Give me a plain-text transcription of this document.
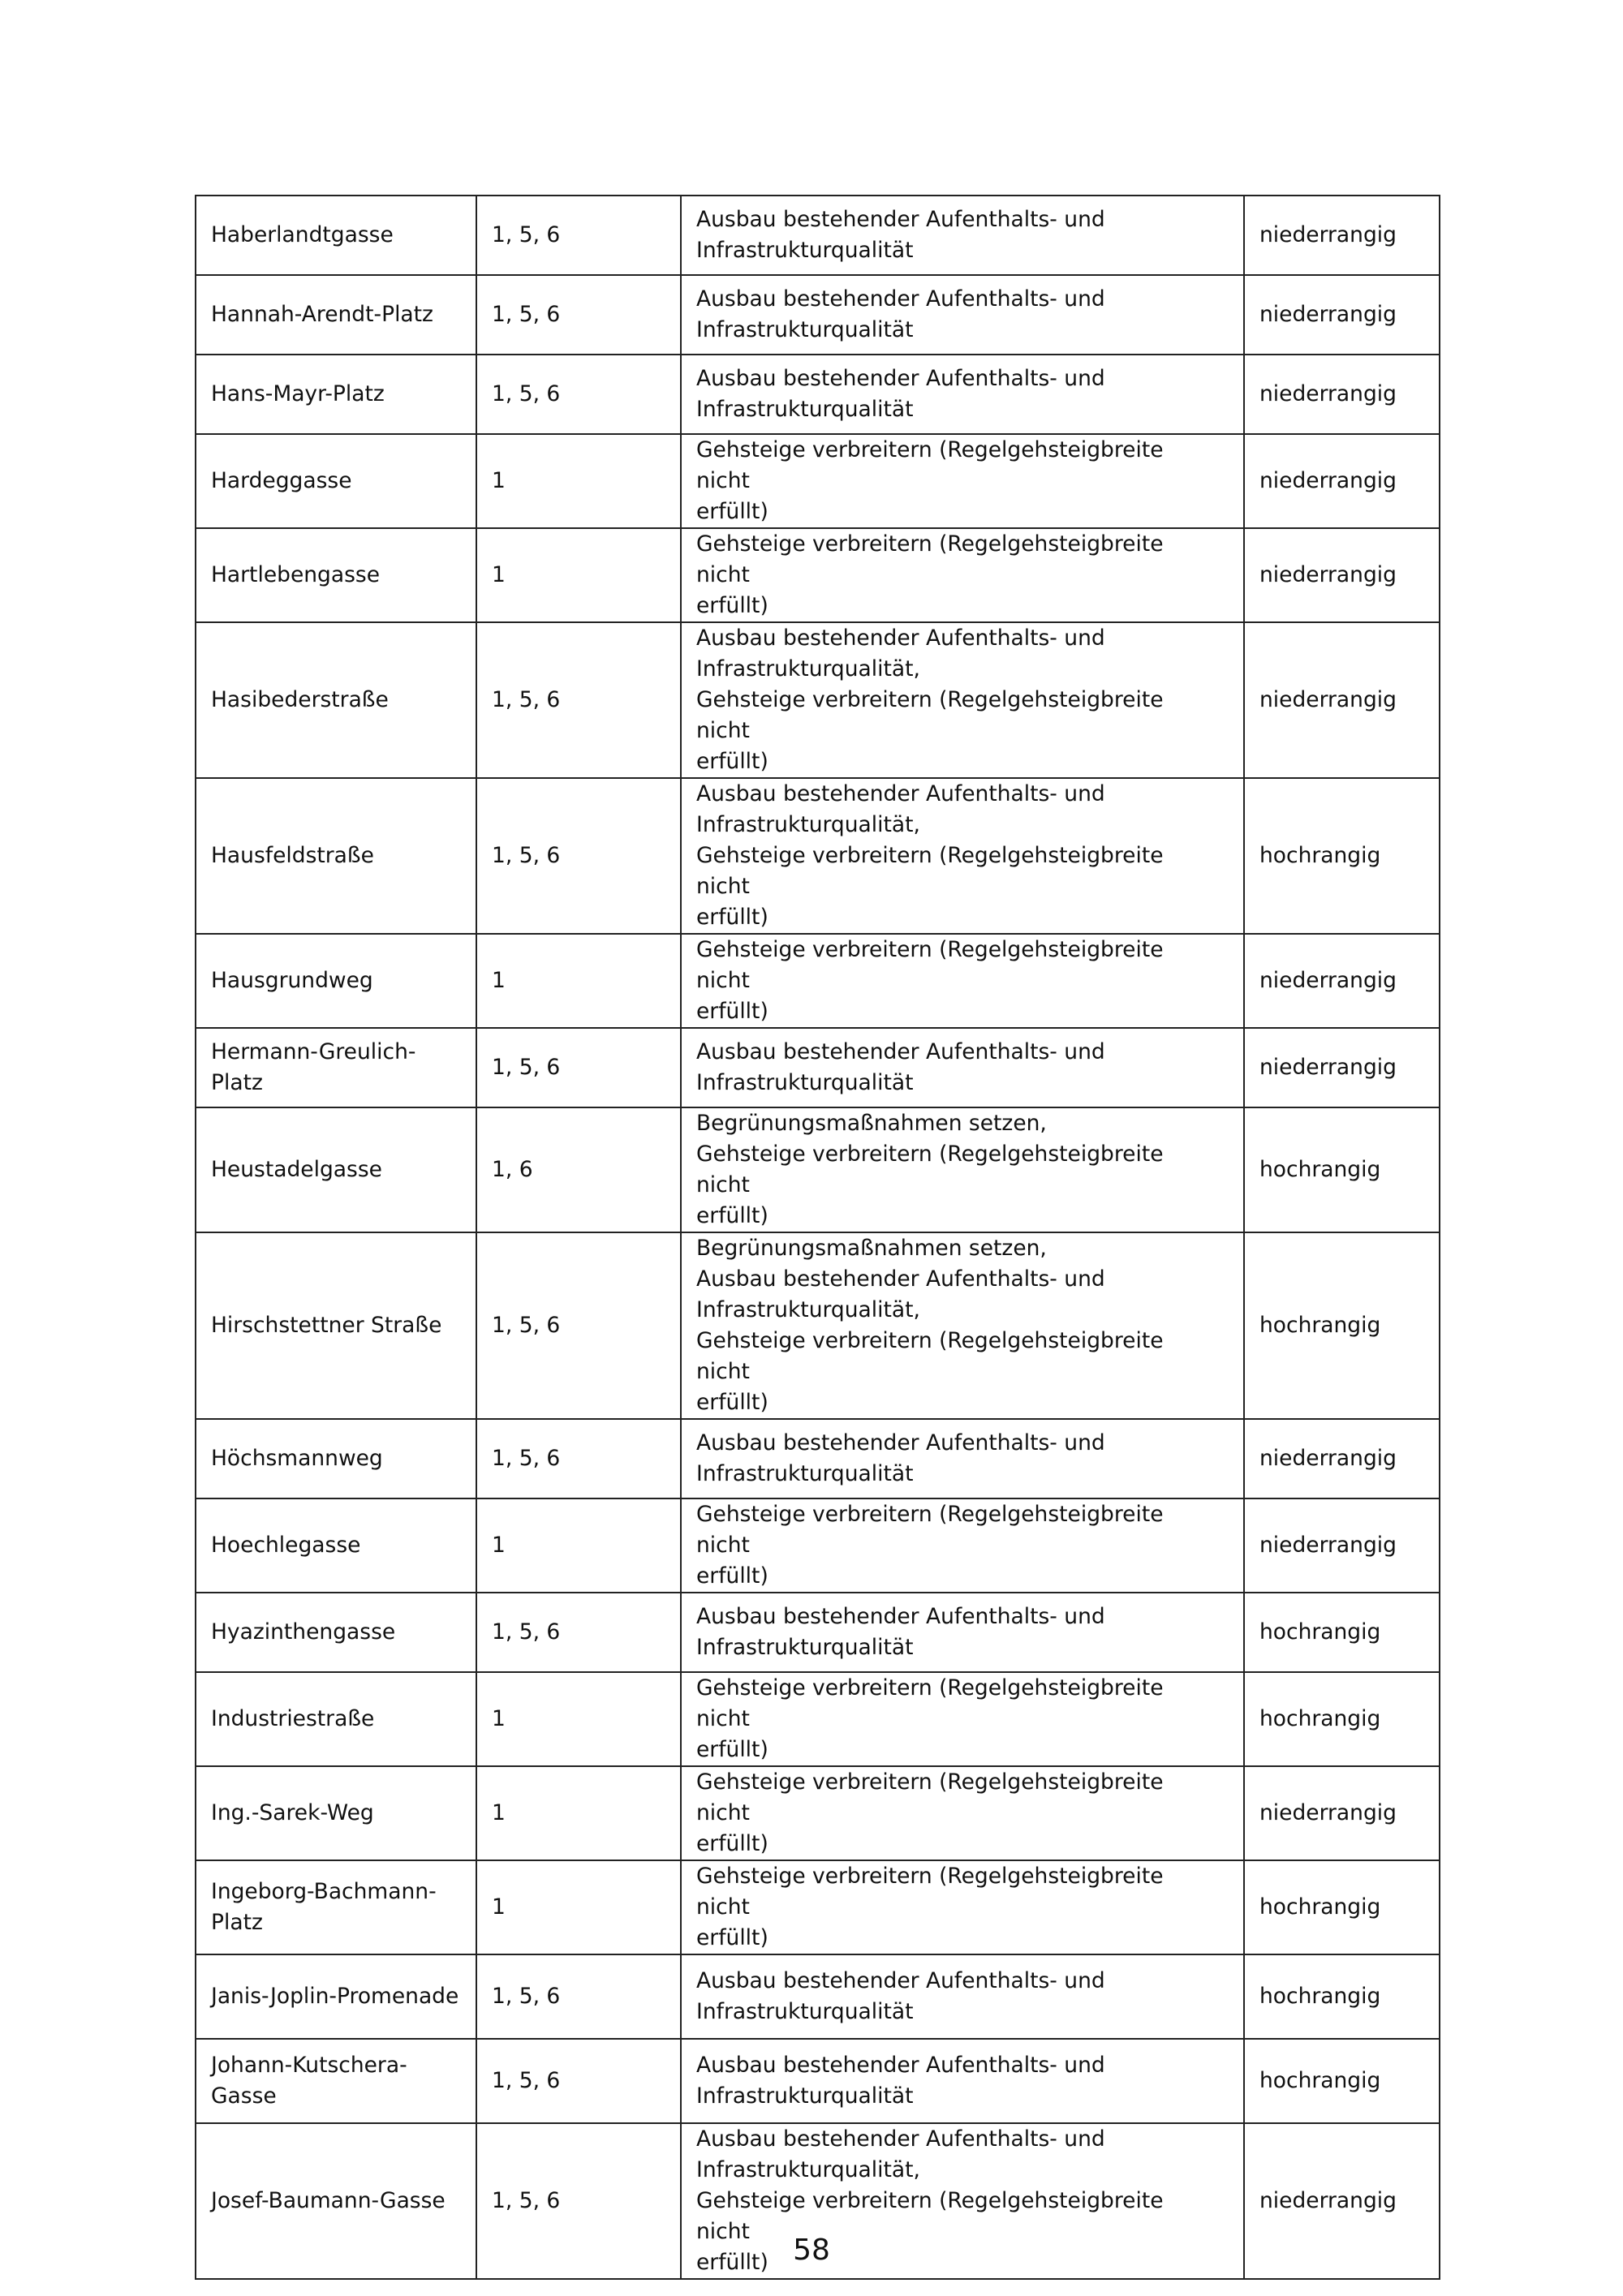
Haberlandtgasse	1, 5, 6	Ausbau bestehender Aufenthalts- und
Infrastrukturqualität	niederrangig
Hannah-Arendt-Platz	1, 5, 6	Ausbau bestehender Aufenthalts- und
Infrastrukturqualität	niederrangig
Hans-Mayr-Platz	1, 5, 6	Ausbau bestehender Aufenthalts- und
Infrastrukturqualität	niederrangig
Hardeggasse	1	Gehsteige verbreitern (Regelgehsteigbreite nicht
erfüllt)	niederrangig
Hartlebengasse	1	Gehsteige verbreitern (Regelgehsteigbreite nicht
erfüllt)	niederrangig
Hasibederstraße	1, 5, 6	Ausbau bestehender Aufenthalts- und
Infrastrukturqualität,
Gehsteige verbreitern (Regelgehsteigbreite nicht
erfüllt)	niederrangig
Hausfeldstraße	1, 5, 6	Ausbau bestehender Aufenthalts- und
Infrastrukturqualität,
Gehsteige verbreitern (Regelgehsteigbreite nicht
erfüllt)	hochrangig
Hausgrundweg	1	Gehsteige verbreitern (Regelgehsteigbreite nicht
erfüllt)	niederrangig
Hermann-Greulich-Platz	1, 5, 6	Ausbau bestehender Aufenthalts- und
Infrastrukturqualität	niederrangig
Heustadelgasse	1, 6	Begrünungsmaßnahmen setzen,
Gehsteige verbreitern (Regelgehsteigbreite nicht
erfüllt)	hochrangig
Hirschstettner Straße	1, 5, 6	Begrünungsmaßnahmen setzen,
Ausbau bestehender Aufenthalts- und
Infrastrukturqualität,
Gehsteige verbreitern (Regelgehsteigbreite nicht
erfüllt)	hochrangig
Höchsmannweg	1, 5, 6	Ausbau bestehender Aufenthalts- und
Infrastrukturqualität	niederrangig
Hoechlegasse	1	Gehsteige verbreitern (Regelgehsteigbreite nicht
erfüllt)	niederrangig
Hyazinthengasse	1, 5, 6	Ausbau bestehender Aufenthalts- und
Infrastrukturqualität	hochrangig
Industriestraße	1	Gehsteige verbreitern (Regelgehsteigbreite nicht
erfüllt)	hochrangig
Ing.-Sarek-Weg	1	Gehsteige verbreitern (Regelgehsteigbreite nicht
erfüllt)	niederrangig
Ingeborg-Bachmann-Platz	1	Gehsteige verbreitern (Regelgehsteigbreite nicht
erfüllt)	hochrangig
Janis-Joplin-Promenade	1, 5, 6	Ausbau bestehender Aufenthalts- und
Infrastrukturqualität	hochrangig
Johann-Kutschera-Gasse	1, 5, 6	Ausbau bestehender Aufenthalts- und
Infrastrukturqualität	hochrangig
Josef-Baumann-Gasse	1, 5, 6	Ausbau bestehender Aufenthalts- und
Infrastrukturqualität,
Gehsteige verbreitern (Regelgehsteigbreite nicht
erfüllt)	niederrangig
58
